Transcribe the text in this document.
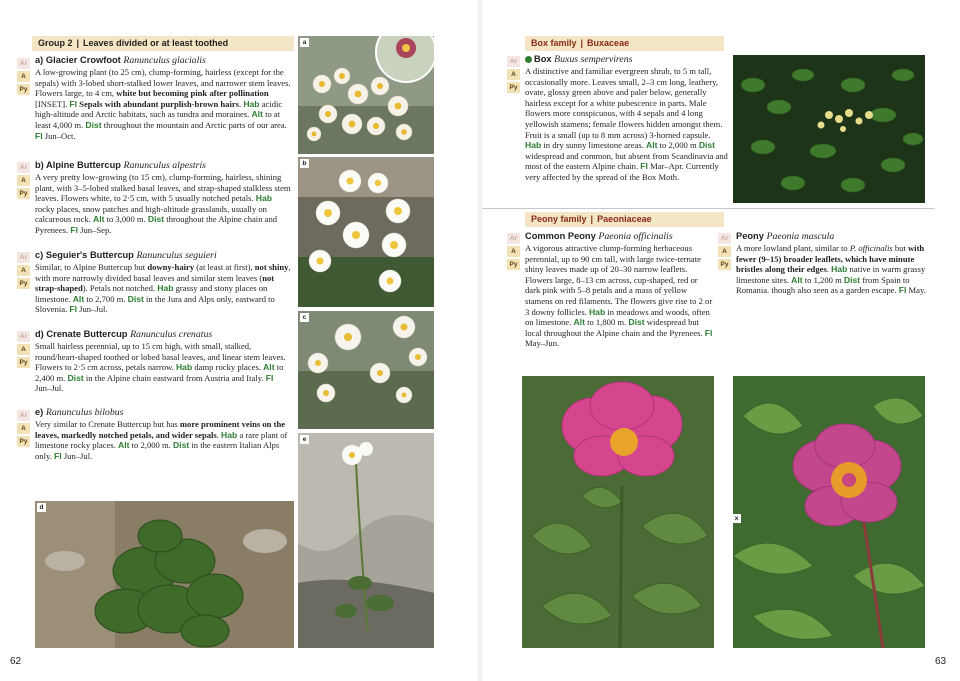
Group 2 | Leaves divided or at least toothed
Ar
A
Py
a) Glacier Crowfoot Ranunculus glacialis
A low-growing plant (to 25 cm), clump-forming, hairless (except for the sepals) with 3-lobed short-stalked lower leaves, and narrower stem leaves. Flowers large, to 4 cm, white but becoming pink after pollination [INSET]. Fl Sepals with abundant purplish-brown hairs. Hab acidic high-altitude and Arctic habitats, such as tundra and moraines. Alt to at least 4,000 m. Dist throughout the mountain and Arctic parts of our area. Fl Jun–Oct.
Ar
A
Py
b) Alpine Buttercup Ranunculus alpestris
A very pretty low-growing (to 15 cm), clump-forming, hairless, shining plant, with 3–5-lobed stalked basal leaves, and strap-shaped stalkless stem leaves. Flowers white, to 2·5 cm, with 5 usually notched petals. Hab rocky places, snow patches and high-altitude grasslands, usually on calcareous rock. Alt to 3,000 m. Dist throughout the Alpine chain and Pyrenees. Fl Jun–Sep.
Ar
A
Py
c) Seguier's Buttercup Ranunculus seguieri
Similar, to Alpine Buttercup but downy-hairy (at least at first), not shiny, with more narrowly divided basal leaves and similar stem leaves (not strap-shaped). Petals not notched. Hab grassy and stony places on limestone. Alt to 2,700 m. Dist in the Jura and Alps only, eastward to Slovenia. Fl Jun–Jul.
Ar
A
Py
d) Crenate Buttercup Ranunculus crenatus
Small hairless perennial, up to 15 cm high, with small, stalked, round/heart-shaped toothed or lobed basal leaves, and linear stem leaves. Flowers to 2·5 cm across, petals narrow. Hab damp rocky places. Alt to 2,400 m. Dist in the Alpine chain eastward from Austria and Italy. Fl Jun–Jul.
Ar
A
Py
e) Ranunculus bilobus
Very similar to Crenate Buttercup but has more prominent veins on the leaves, markedly notched petals, and wider sepals. Hab a rare plant of limestone rocky places. Alt to 2,000 m. Dist in the eastern Italian Alps only. Fl Jun–Jul.
a
b
c
e
d
62
Box family | Buxaceae
Ar
A
Py
Box Buxus sempervirens
A distinctive and familiar evergreen shrub, to 5 m tall, occasionally more. Leaves small, 2–3 cm long, leathery, ovate, glossy green above and paler below, generally hairless except for a white pubescence in parts. Male flowers more conspicuous, with 4 sepals and 4 long yellowish stamens; female flowers hidden amongst them. Fruit is a small (up to 8 mm across) 3-horned capsule. Hab in dry sunny limestone areas. Alt to 2,000 m Dist widespread and common, but absent from Scandinavia and most of the eastern Alpine chain. Fl Mar–Apr. Currently very affected by the spread of the Box Moth.
Peony family | Paeoniaceae
Ar
A
Py
Common Peony Paeonia officinalis
A vigorous attractive clump-forming herbaceous perennial, up to 90 cm tall, with large twice-ternate shiny leaves made up of 20–30 narrow leaflets. Flowers large, 8–13 cm across, cup-shaped, red or dark pink with 5–8 petals and a mass of yellow stamens on red filaments. The flowers give rise to 2 or 3 downy follicles. Hab in meadows and woods, often on limestone. Alt to 1,800 m. Dist widespread but local throughout the Alpine chain and the Pyrenees. Fl May–Jun.
Ar
A
Py
Peony Paeonia mascula
A more lowland plant, similar to P. officinalis but with fewer (9–15) broader leaflets, which have minute bristles along their edges. Hab native in warm grassy limestone sites. Alt to 1,200 m Dist from Spain to Romania. though also seen as a garden escape. Fl May.
x
63
